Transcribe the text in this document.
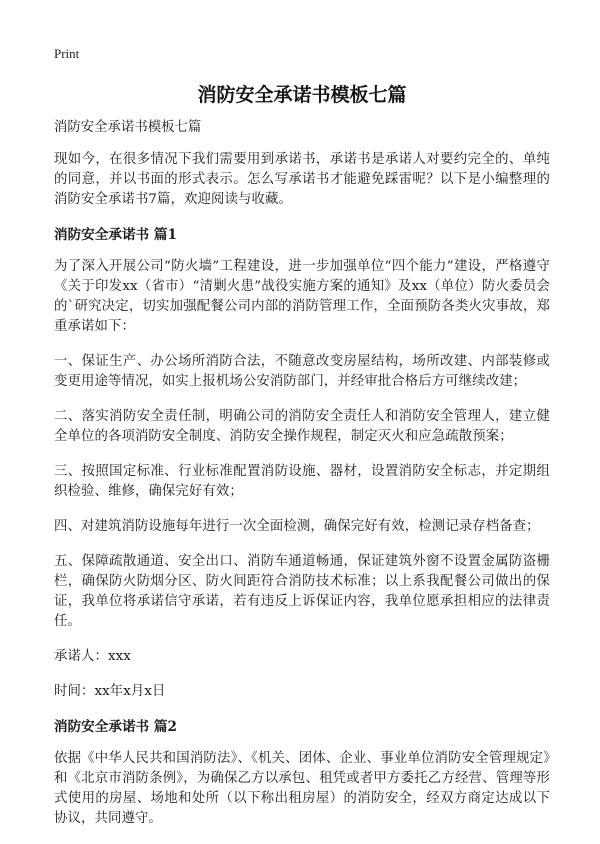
Print
消防安全承诺书模板七篇

消防安全承诺书模板七篇

现如今，在很多情况下我们需要用到承诺书，承诺书是承诺人对要约完全的、单纯的同意，并以书面的形式表示。怎么写承诺书才能避免踩雷呢？以下是小编整理的消防安全承诺书7篇，欢迎阅读与收藏。

消防安全承诺书 篇1

为了深入开展公司“防火墙”工程建设，进一步加强单位“四个能力”建设，严格遵守《关于印发xx（省市）“清剿火患”战役实施方案的通知》及xx（单位）防火委员会的`研究决定，切实加强配餐公司内部的消防管理工作，全面预防各类火灾事故，郑重承诺如下：

一、保证生产、办公场所消防合法，不随意改变房屋结构，场所改建、内部装修或变更用途等情况，如实上报机场公安消防部门，并经审批合格后方可继续改建；

二、落实消防安全责任制，明确公司的消防安全责任人和消防安全管理人，建立健全单位的各项消防安全制度、消防安全操作规程，制定灭火和应急疏散预案；

三、按照国定标准、行业标准配置消防设施、器材，设置消防安全标志，并定期组织检验、维修，确保完好有效；

四、对建筑消防设施每年进行一次全面检测，确保完好有效，检测记录存档备查；

五、保障疏散通道、安全出口、消防车通道畅通，保证建筑外窗不设置金属防盗栅栏，确保防火防烟分区、防火间距符合消防技术标准；以上系我配餐公司做出的保证，我单位将承诺信守承诺，若有违反上诉保证内容，我单位愿承担相应的法律责任。

承诺人：xxx

时间：xx年x月x日

消防安全承诺书 篇2

依据《中华人民共和国消防法》、《机关、团体、企业、事业单位消防安全管理规定》和《北京市消防条例》，为确保乙方以承包、租凭或者甲方委托乙方经营、管理等形式使用的房屋、场地和处所（以下称出租房屋）的消防安全，经双方商定达成以下协议，共同遵守。
